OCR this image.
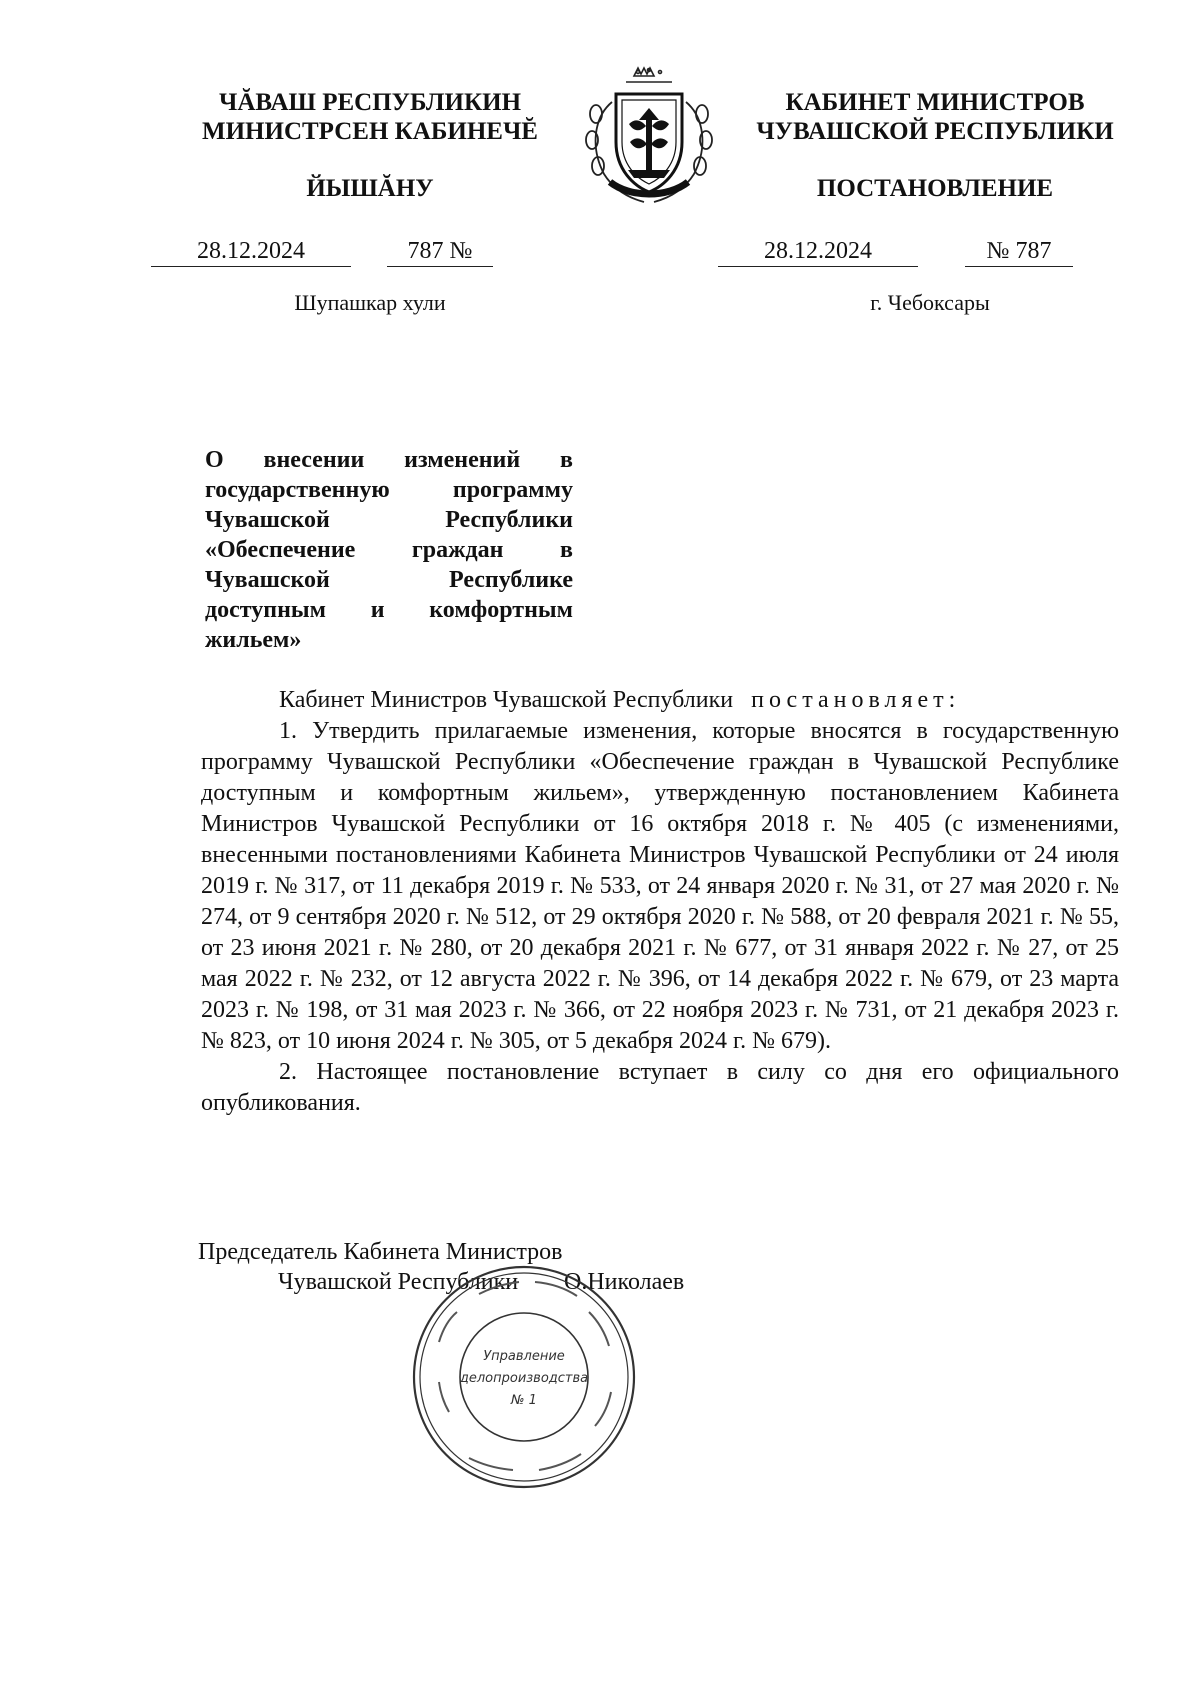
ЧĂВАШ РЕСПУБЛИКИН
МИНИСТРСЕН КАБИНЕЧĔ
ЙЫШĂНУ
КАБИНЕТ МИНИСТРОВ
ЧУВАШСКОЙ РЕСПУБЛИКИ
ПОСТАНОВЛЕНИЕ
28.12.2024	787 №	28.12.2024	№ 787
Шупашкар хули	г. Чебоксары
О внесении изменений в государственную программу Чувашской Республики «Обеспечение граждан в Чувашской Республике доступным и комфортным жильем»

Кабинет Министров Чувашской Республики постановляет:

1. Утвердить прилагаемые изменения, которые вносятся в государственную программу Чувашской Республики «Обеспечение граждан в Чувашской Республике доступным и комфортным жильем», утвержденную постановлением Кабинета Министров Чувашской Республики от 16 октября 2018 г. № 405 (с изменениями, внесенными постановлениями Кабинета Министров Чувашской Республики от 24 июля 2019 г. № 317, от 11 декабря 2019 г. № 533, от 24 января 2020 г. № 31, от 27 мая 2020 г. № 274, от 9 сентября 2020 г. № 512, от 29 октября 2020 г. № 588, от 20 февраля 2021 г. № 55, от 23 июня 2021 г. № 280, от 20 декабря 2021 г. № 677, от 31 января 2022 г. № 27, от 25 мая 2022 г. № 232, от 12 августа 2022 г. № 396, от 14 декабря 2022 г. № 679, от 23 марта 2023 г. № 198, от 31 мая 2023 г. № 366, от 22 ноября 2023 г. № 731, от 21 декабря 2023 г. № 823, от 10 июня 2024 г. № 305, от 5 декабря 2024 г. № 679).

2. Настоящее постановление вступает в силу со дня его официального опубликования.

Председатель Кабинета Министров
Чувашской Республики О.Николаев
Управление
делопроизводства
№ 1
